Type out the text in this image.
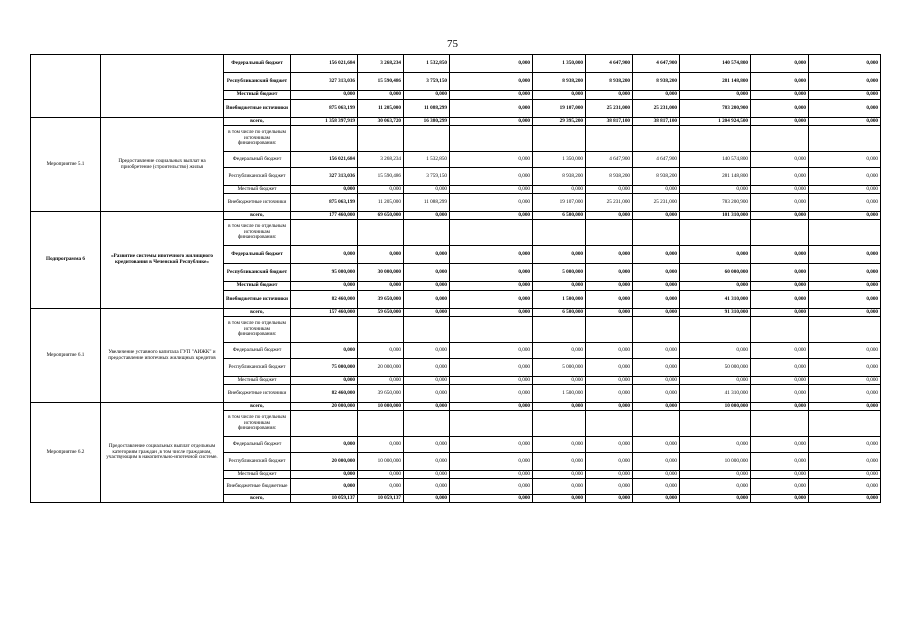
75
		Федеральный бюджет	156 021,684	3 268,234	1 532,850	0,000	1 350,000	4 647,900	4 647,900	140 574,800	0,000	0,000
		Республиканский бюджет	327 313,036	15 590,486	3 759,150	0,000	8 938,200	8 938,200	8 938,200	281 148,800	0,000	0,000
		Местный бюджет	0,000	0,000	0,000	0,000	0,000	0,000	0,000	0,000	0,000	0,000
		Внебюджетные источники	875 063,199	11 205,000	11 088,299	0,000	19 107,000	25 231,000	25 231,000	783 200,900	0,000	0,000
Мероприятие 5.1	Предоставление социальных выплат на приобретение (строительство) жилья	всего,	1 358 397,919	30 063,720	16 380,299	0,000	29 395,200	38 817,100	38 817,100	1 204 924,500	0,000	0,000
		в том числе по отдельным источникам финансирования:										
		Федеральный бюджет	156 021,684	3 268,234	1 532,850	0,000	1 350,000	4 647,900	4 647,900	140 574,800	0,000	0,000
		Республиканский бюджет	327 313,036	15 590,486	3 759,150	0,000	8 938,200	8 938,200	8 938,200	281 148,800	0,000	0,000
		Местный бюджет	0,000	0,000	0,000	0,000	0,000	0,000	0,000	0,000	0,000	0,000
		Внебюджетные источники	875 063,199	11 205,000	11 088,299	0,000	19 107,000	25 231,000	25 231,000	783 200,900	0,000	0,000
Подпрограмма 6	«Развитие системы ипотечного жилищного кредитования в Чеченской Республике»	всего,	177 460,000	69 650,000	0,000	0,000	6 500,000	0,000	0,000	101 310,000	0,000	0,000
		в том числе по отдельным источникам финансирования:										
		Федеральный бюджет	0,000	0,000	0,000	0,000	0,000	0,000	0,000	0,000	0,000	0,000
		Республиканский бюджет	95 000,000	30 000,000	0,000	0,000	5 000,000	0,000	0,000	60 000,000	0,000	0,000
		Местный бюджет	0,000	0,000	0,000	0,000	0,000	0,000	0,000	0,000	0,000	0,000
		Внебюджетные источники	82 460,000	39 650,000	0,000	0,000	1 500,000	0,000	0,000	41 310,000	0,000	0,000
Мероприятие 6.1	Увеличение уставного капитала ГУП "АИЖК" и предоставление ипотечных жилищных кредитов	всего,	157 460,000	59 650,000	0,000	0,000	6 500,000	0,000	0,000	91 310,000	0,000	0,000
		в том числе по отдельным источникам финансирования:										
		Федеральный бюджет	0,000	0,000	0,000	0,000	0,000	0,000	0,000	0,000	0,000	0,000
		Республиканский бюджет	75 000,000	20 000,000	0,000	0,000	5 000,000	0,000	0,000	50 000,000	0,000	0,000
		Местный бюджет	0,000	0,000	0,000	0,000	0,000	0,000	0,000	0,000	0,000	0,000
		Внебюджетные источники	82 460,000	39 650,000	0,000	0,000	1 500,000	0,000	0,000	41 310,000	0,000	0,000
Мероприятие 6.2	Предоставление социальных выплат отдельным категориям граждан ,в том числе гражданам, участвующим в накопительно-ипотечной системе.	всего,	20 000,000	10 000,000	0,000	0,000	0,000	0,000	0,000	10 000,000	0,000	0,000
		в том числе по отдельным источникам финансирования:										
		Федеральный бюджет	0,000	0,000	0,000	0,000	0,000	0,000	0,000	0,000	0,000	0,000
		Республиканский бюджет	20 000,000	10 000,000	0,000	0,000	0,000	0,000	0,000	10 000,000	0,000	0,000
		Местный бюджет	0,000	0,000	0,000	0,000	0,000	0,000	0,000	0,000	0,000	0,000
		Внебюджетные бюджетные	0,000	0,000	0,000	0,000	0,000	0,000	0,000	0,000	0,000	0,000
		всего,	10 059,137	10 059,137	0,000	0,000	0,000	0,000	0,000	0,000	0,000	0,000
